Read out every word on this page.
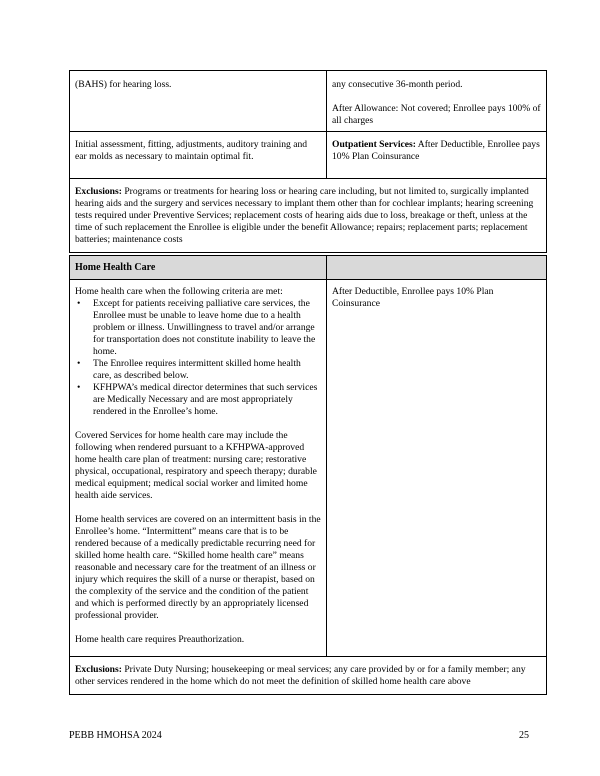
(BAHS) for hearing loss.	any consecutive 36-month period.

After Allowance: Not covered; Enrollee pays 100% of all charges

Initial assessment, fitting, adjustments, auditory training and ear molds as necessary to maintain optimal fit.

Outpatient Services: After Deductible, Enrollee pays 10% Plan Coinsurance

Exclusions: Programs or treatments for hearing loss or hearing care including, but not limited to, surgically implanted hearing aids and the surgery and services necessary to implant them other than for cochlear implants; hearing screening tests required under Preventive Services; replacement costs of hearing aids due to loss, breakage or theft, unless at the time of such replacement the Enrollee is eligible under the benefit Allowance; repairs; replacement parts; replacement batteries; maintenance costs

Home Health Care

Home health care when the following criteria are met:

• Except for patients receiving palliative care services, the Enrollee must be unable to leave home due to a health problem or illness. Unwillingness to travel and/or arrange for transportation does not constitute inability to leave the home.
• The Enrollee requires intermittent skilled home health care, as described below.
• KFHPWA’s medical director determines that such services are Medically Necessary and are most appropriately rendered in the Enrollee’s home.

Covered Services for home health care may include the following when rendered pursuant to a KFHPWA-approved home health care plan of treatment: nursing care; restorative physical, occupational, respiratory and speech therapy; durable medical equipment; medical social worker and limited home health aide services.

Home health services are covered on an intermittent basis in the Enrollee’s home. “Intermittent” means care that is to be rendered because of a medically predictable recurring need for skilled home health care. “Skilled home health care” means reasonable and necessary care for the treatment of an illness or injury which requires the skill of a nurse or therapist, based on the complexity of the service and the condition of the patient and which is performed directly by an appropriately licensed professional provider.

Home health care requires Preauthorization.

After Deductible, Enrollee pays 10% Plan Coinsurance

Exclusions: Private Duty Nursing; housekeeping or meal services; any care provided by or for a family member; any other services rendered in the home which do not meet the definition of skilled home health care above

PEBB HMOHSA 2024	25
